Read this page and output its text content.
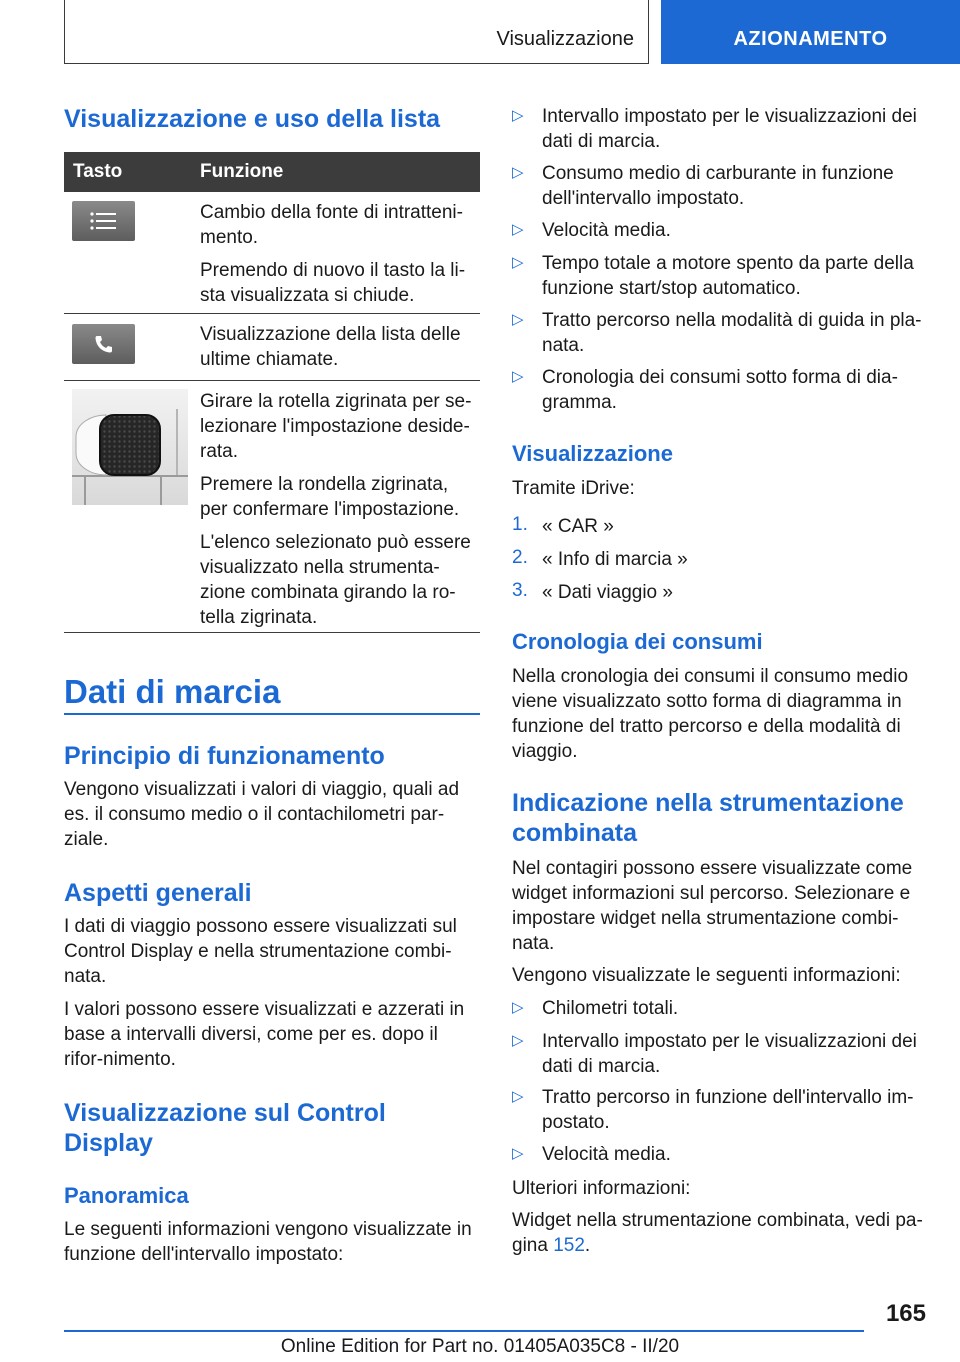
Visualizzazione	AZIONAMENTO
Visualizzazione e uso della lista
Tasto	Funzione
Cambio della fonte di intratteni-mento.
Premendo di nuovo il tasto la li-sta visualizzata si chiude.
Visualizzazione della lista delle ultime chiamate.
Girare la rotella zigrinata per se-lezionare l'impostazione deside-rata.
Premere la rondella zigrinata, per confermare l'impostazione.
L'elenco selezionato può essere visualizzato nella strumenta-zione combinata girando la ro-tella zigrinata.
Dati di marcia
Principio di funzionamento
Vengono visualizzati i valori di viaggio, quali ad es. il consumo medio o il contachilometri par-ziale.
Aspetti generali
I dati di viaggio possono essere visualizzati sul Control Display e nella strumentazione combi-nata.
I valori possono essere visualizzati e azzerati in base a intervalli diversi, come per es. dopo il rifor-nimento.
Visualizzazione sul Control
Display
Panoramica
Le seguenti informazioni vengono visualizzate in funzione dell'intervallo impostato:
▷ Intervallo impostato per le visualizzazioni dei dati di marcia.
▷ Consumo medio di carburante in funzione dell'intervallo impostato.
▷ Velocità media.
▷ Tempo totale a motore spento da parte della funzione start/stop automatico.
▷ Tratto percorso nella modalità di guida in pla-nata.
▷ Cronologia dei consumi sotto forma di dia-gramma.
Visualizzazione
Tramite iDrive:
1. « CAR »
2. « Info di marcia »
3. « Dati viaggio »
Cronologia dei consumi
Nella cronologia dei consumi il consumo medio viene visualizzato sotto forma di diagramma in funzione del tratto percorso e della modalità di viaggio.
Indicazione nella strumentazione
combinata
Nel contagiri possono essere visualizzate come widget informazioni sul percorso. Selezionare e impostare widget nella strumentazione combi-nata.
Vengono visualizzate le seguenti informazioni:
▷ Chilometri totali.
▷ Intervallo impostato per le visualizzazioni dei dati di marcia.
▷ Tratto percorso in funzione dell'intervallo im-postato.
▷ Velocità media.
Ulteriori informazioni:
Widget nella strumentazione combinata, vedi pa-gina 152.
165
Online Edition for Part no. 01405A035C8 - II/20
